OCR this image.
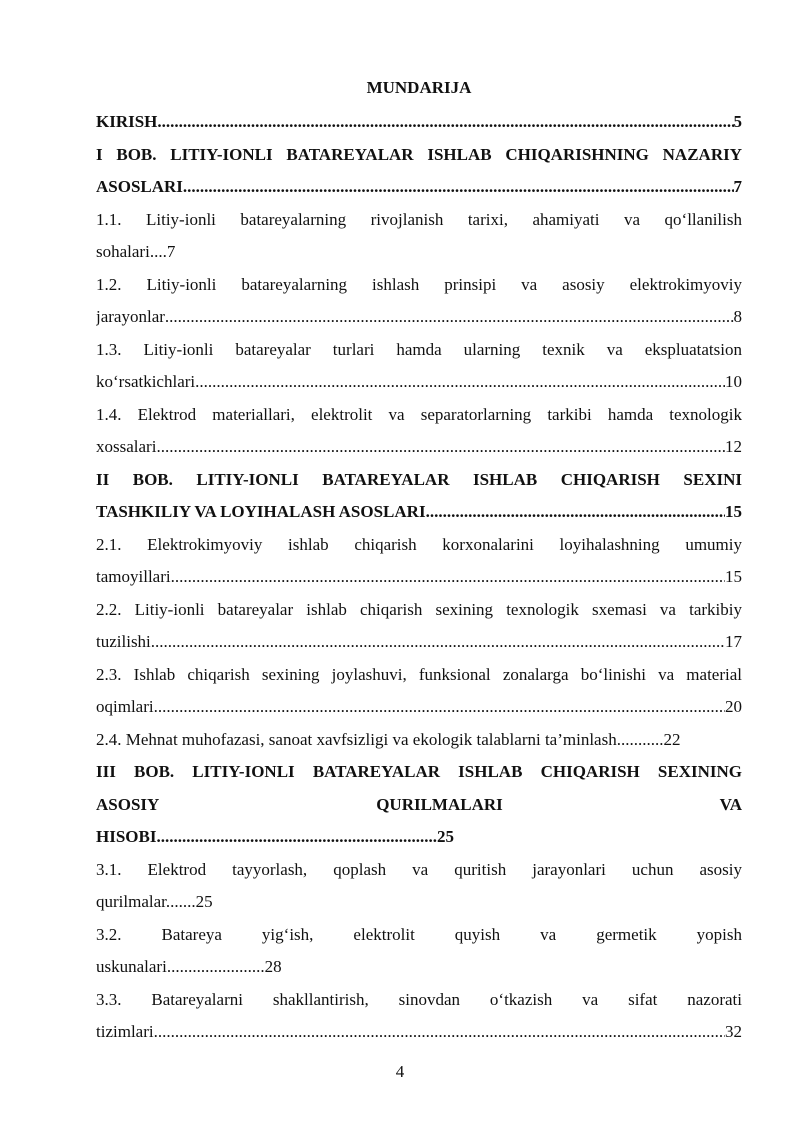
MUNDARIJA
KIRISH .....	5
I BOB. LITIY-IONLI BATAREYALAR ISHLAB CHIQARISHNING NAZARIY
ASOSLARI .....	7
1.1. Litiy-ionli batareyalarning rivojlanish tarixi, ahamiyati va qo‘llanilish
sohalari....7
1.2. Litiy-ionli batareyalarning ishlash prinsipi va asosiy elektrokimyoviy
jarayonlar .....	8
1.3. Litiy-ionli batareyalar turlari hamda ularning texnik va ekspluatatsion
ko‘rsatkichlari .....	10
1.4. Elektrod materiallari, elektrolit va separatorlarning tarkibi hamda texnologik
xossalari .....	12
II BOB. LITIY-IONLI BATAREYALAR ISHLAB CHIQARISH SEXINI
TASHKILIY VA LOYIHALASH ASOSLARI .....	15
2.1. Elektrokimyoviy ishlab chiqarish korxonalarini loyihalashning umumiy
tamoyillari .....	15
2.2. Litiy-ionli batareyalar ishlab chiqarish sexining texnologik sxemasi va tarkibiy
tuzilishi .....	17
2.3. Ishlab chiqarish sexining joylashuvi, funksional zonalarga bo‘linishi va material
oqimlari .....	20
2.4. Mehnat muhofazasi, sanoat xavfsizligi va ekologik talablarni ta’minlash...........22
III BOB. LITIY-IONLI BATAREYALAR ISHLAB CHIQARISH SEXINING
ASOSIY	QURILMALARI	VA
HISOBI..................................................................25
3.1. Elektrod tayyorlash, qoplash va quritish jarayonlari uchun asosiy
qurilmalar.......25
3.2. Batareya yig‘ish, elektrolit quyish va germetik yopish
uskunalari.......................28
3.3. Batareyalarni shakllantirish, sinovdan o‘tkazish va sifat nazorati
tizimlari .....	32
4
